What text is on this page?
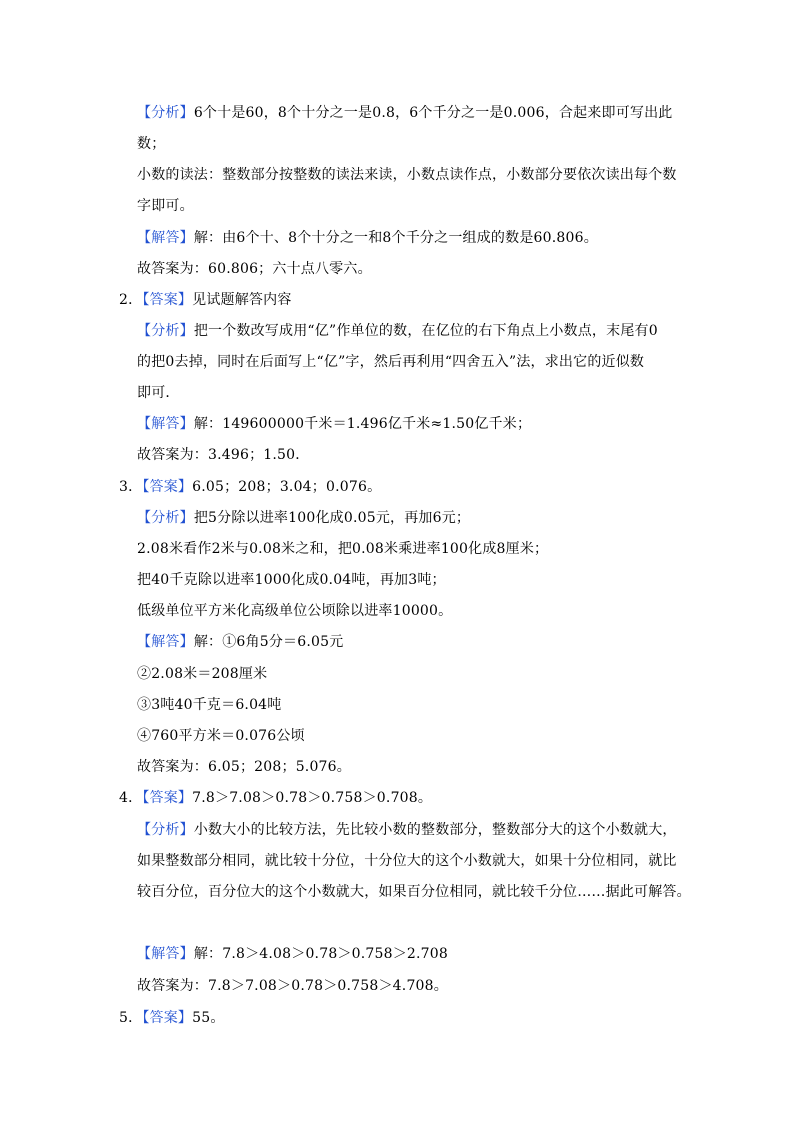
【分析】6个十是60，8个十分之一是0.8，6个千分之一是0.006，合起来即可写出此
数；
小数的读法：整数部分按整数的读法来读，小数点读作点，小数部分要依次读出每个数
字即可。
【解答】解：由6个十、8个十分之一和8个千分之一组成的数是60.806。
故答案为：60.806；六十点八零六。
2．【答案】见试题解答内容
【分析】把一个数改写成用“亿”作单位的数，在亿位的右下角点上小数点，末尾有0
的把0去掉，同时在后面写上“亿”字，然后再利用“四舍五入”法，求出它的近似数
即可．
【解答】解：149600000千米＝1.496亿千米≈1.50亿千米；
故答案为：3.496；1.50．
3．【答案】6.05；208；3.04；0.076。
【分析】把5分除以进率100化成0.05元，再加6元；
2.08米看作2米与0.08米之和，把0.08米乘进率100化成8厘米；
把40千克除以进率1000化成0.04吨，再加3吨；
低级单位平方米化高级单位公顷除以进率10000。
【解答】解：①6角5分＝6.05元
②2.08米＝208厘米
③3吨40千克＝6.04吨
④760平方米＝0.076公顷
故答案为：6.05；208；5.076。
4．【答案】7.8＞7.08＞0.78＞0.758＞0.708。
【分析】小数大小的比较方法，先比较小数的整数部分，整数部分大的这个小数就大，
如果整数部分相同，就比较十分位，十分位大的这个小数就大，如果十分位相同，就比
较百分位，百分位大的这个小数就大，如果百分位相同，就比较千分位……据此可解答。
【解答】解：7.8＞4.08＞0.78＞0.758＞2.708
故答案为：7.8＞7.08＞0.78＞0.758＞4.708。
5．【答案】55。
